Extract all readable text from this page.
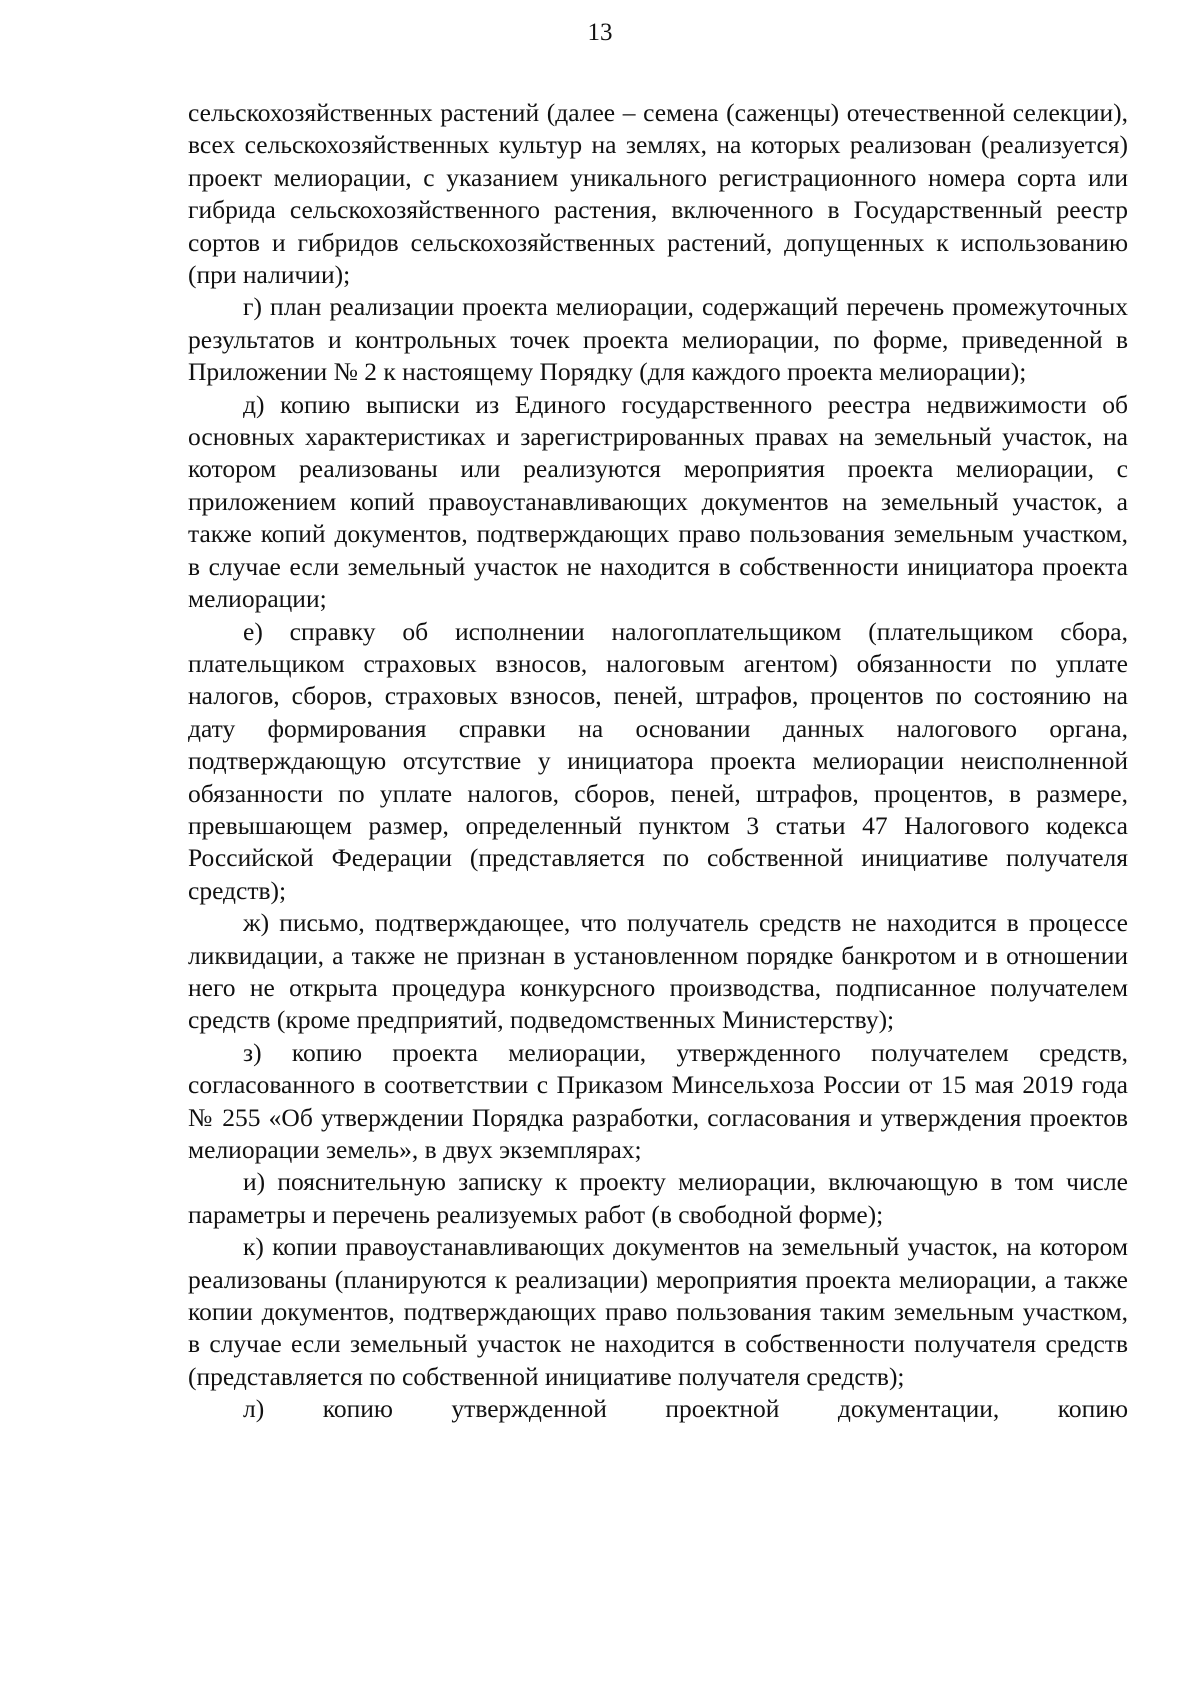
13

сельскохозяйственных растений (далее – семена (саженцы) отечественной селекции), всех сельскохозяйственных культур на землях, на которых реализован (реализуется) проект мелиорации, с указанием уникального регистрационного номера сорта или гибрида сельскохозяйственного растения, включенного в Государственный реестр сортов и гибридов сельскохозяйственных растений, допущенных к использованию (при наличии);

г) план реализации проекта мелиорации, содержащий перечень промежуточных результатов и контрольных точек проекта мелиорации, по форме, приведенной в Приложении № 2 к настоящему Порядку (для каждого проекта мелиорации);

д) копию выписки из Единого государственного реестра недвижимости об основных характеристиках и зарегистрированных правах на земельный участок, на котором реализованы или реализуются мероприятия проекта мелиорации, с приложением копий правоустанавливающих документов на земельный участок, а также копий документов, подтверждающих право пользования земельным участком, в случае если земельный участок не находится в собственности инициатора проекта мелиорации;

е) справку об исполнении налогоплательщиком (плательщиком сбора, плательщиком страховых взносов, налоговым агентом) обязанности по уплате налогов, сборов, страховых взносов, пеней, штрафов, процентов по состоянию на дату формирования справки на основании данных налогового органа, подтверждающую отсутствие у инициатора проекта мелиорации неисполненной обязанности по уплате налогов, сборов, пеней, штрафов, процентов, в размере, превышающем размер, определенный пунктом 3 статьи 47 Налогового кодекса Российской Федерации (представляется по собственной инициативе получателя средств);

ж) письмо, подтверждающее, что получатель средств не находится в процессе ликвидации, а также не признан в установленном порядке банкротом и в отношении него не открыта процедура конкурсного производства, подписанное получателем средств (кроме предприятий, подведомственных Министерству);

з) копию проекта мелиорации, утвержденного получателем средств, согласованного в соответствии с Приказом Минсельхоза России от 15 мая 2019 года № 255 «Об утверждении Порядка разработки, согласования и утверждения проектов мелиорации земель», в двух экземплярах;

и) пояснительную записку к проекту мелиорации, включающую в том числе параметры и перечень реализуемых работ (в свободной форме);

к) копии правоустанавливающих документов на земельный участок, на котором реализованы (планируются к реализации) мероприятия проекта мелиорации, а также копии документов, подтверждающих право пользования таким земельным участком, в случае если земельный участок не находится в собственности получателя средств (представляется по собственной инициативе получателя средств);

л) копию утвержденной проектной документации, копию
